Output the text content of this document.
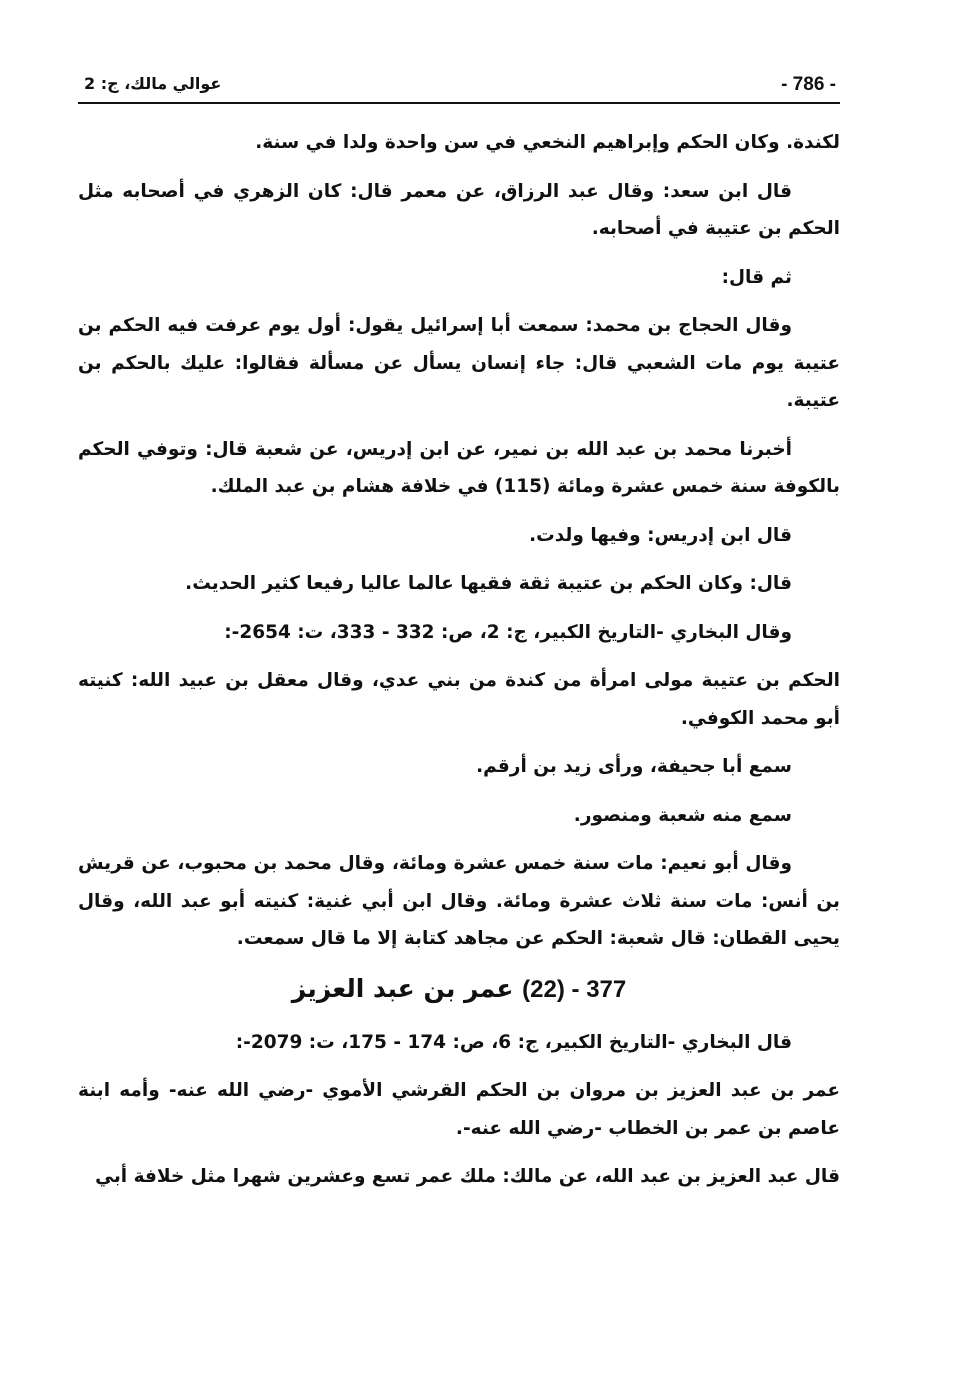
- 786 -
عوالي مالك، ج: 2

لكندة. وكان الحكم وإبراهيم النخعي في سن واحدة ولدا في سنة.

قال ابن سعد: وقال عبد الرزاق، عن معمر قال: كان الزهري في أصحابه مثل الحكم بن عتيبة في أصحابه.

ثم قال:

وقال الحجاج بن محمد: سمعت أبا إسرائيل يقول: أول يوم عرفت فيه الحكم بن عتيبة يوم مات الشعبي قال: جاء إنسان يسأل عن مسألة فقالوا: عليك بالحكم بن عتيبة.

أخبرنا محمد بن عبد الله بن نمير، عن ابن إدريس، عن شعبة قال: وتوفي الحكم بالكوفة سنة خمس عشرة ومائة (115) في خلافة هشام بن عبد الملك.

قال ابن إدريس: وفيها ولدت.

قال: وكان الحكم بن عتيبة ثقة فقيها عالما عاليا رفيعا كثير الحديث.

وقال البخاري -التاريخ الكبير، ج: 2، ص: 332 - 333، ت: 2654-:

الحكم بن عتيبة مولى امرأة من كندة من بني عدي، وقال معقل بن عبيد الله: كنيته أبو محمد الكوفي.

سمع أبا جحيفة، ورأى زيد بن أرقم.

سمع منه شعبة ومنصور.

وقال أبو نعيم: مات سنة خمس عشرة ومائة، وقال محمد بن محبوب، عن قريش بن أنس: مات سنة ثلاث عشرة ومائة. وقال ابن أبي غنية: كنيته أبو عبد الله، وقال يحيى القطان: قال شعبة: الحكم عن مجاهد كتابة إلا ما قال سمعت.

377 - (22) عمر بن عبد العزيز

قال البخاري -التاريخ الكبير، ج: 6، ص: 174 - 175، ت: 2079-:

عمر بن عبد العزيز بن مروان بن الحكم القرشي الأموي -رضي الله عنه- وأمه ابنة عاصم بن عمر بن الخطاب -رضي الله عنه-.

قال عبد العزيز بن عبد الله، عن مالك: ملك عمر تسع وعشرين شهرا مثل خلافة أبي
